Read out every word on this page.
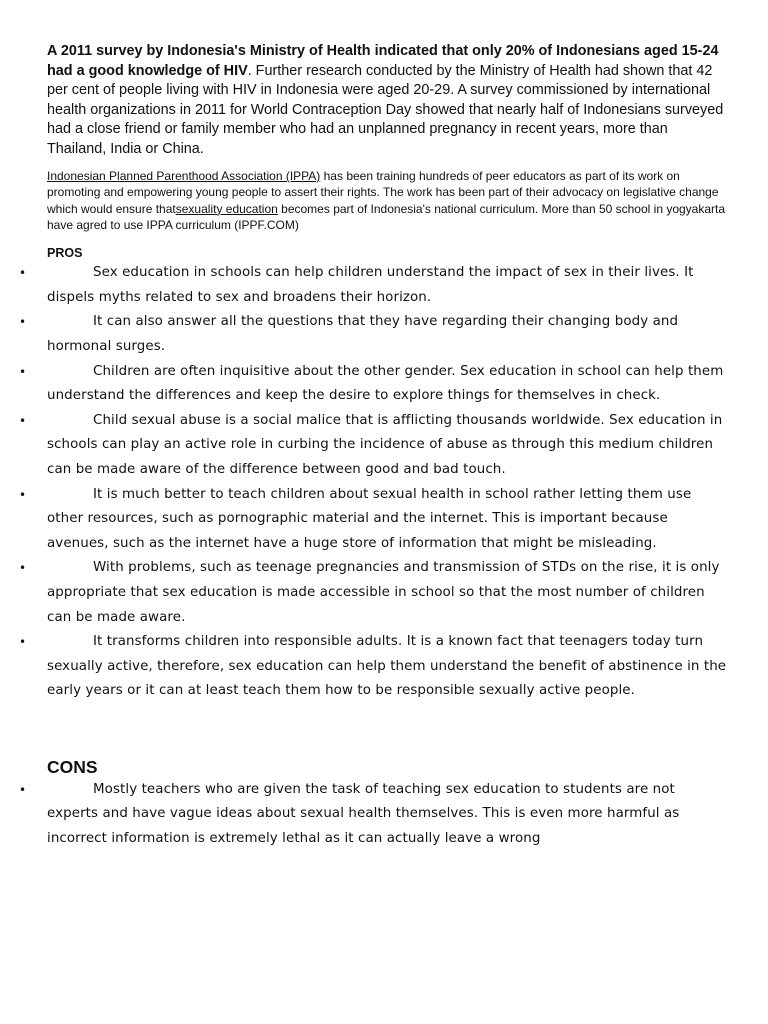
A 2011 survey by Indonesia's Ministry of Health indicated that only 20% of Indonesians aged 15-24 had a good knowledge of HIV. Further research conducted by the Ministry of Health had shown that 42 per cent of people living with HIV in Indonesia were aged 20-29. A survey commissioned by international health organizations in 2011 for World Contraception Day showed that nearly half of Indonesians surveyed had a close friend or family member who had an unplanned pregnancy in recent years, more than Thailand, India or China.

Indonesian Planned Parenthood Association (IPPA) has been training hundreds of peer educators as part of its work on promoting and empowering young people to assert their rights. The work has been part of their advocacy on legislative change which would ensure thatsexuality education becomes part of Indonesia's national curriculum. More than 50 school in yogyakarta have agred to use IPPA curriculum (IPPF.COM)

PROS

•	Sex education in schools can help children understand the impact of sex in their lives. It dispels myths related to sex and broadens their horizon.
•	It can also answer all the questions that they have regarding their changing body and hormonal surges.
•	Children are often inquisitive about the other gender. Sex education in school can help them understand the differences and keep the desire to explore things for themselves in check.
•	Child sexual abuse is a social malice that is afflicting thousands worldwide. Sex education in schools can play an active role in curbing the incidence of abuse as through this medium children can be made aware of the difference between good and bad touch.
•	It is much better to teach children about sexual health in school rather letting them use other resources, such as pornographic material and the internet. This is important because avenues, such as the internet have a huge store of information that might be misleading.
•	With problems, such as teenage pregnancies and transmission of STDs on the rise, it is only appropriate that sex education is made accessible in school so that the most number of children can be made aware.
•	It transforms children into responsible adults. It is a known fact that teenagers today turn sexually active, therefore, sex education can help them understand the benefit of abstinence in the early years or it can at least teach them how to be responsible sexually active people.

CONS

•	Mostly teachers who are given the task of teaching sex education to students are not experts and have vague ideas about sexual health themselves. This is even more harmful as incorrect information is extremely lethal as it can actually leave a wrong
